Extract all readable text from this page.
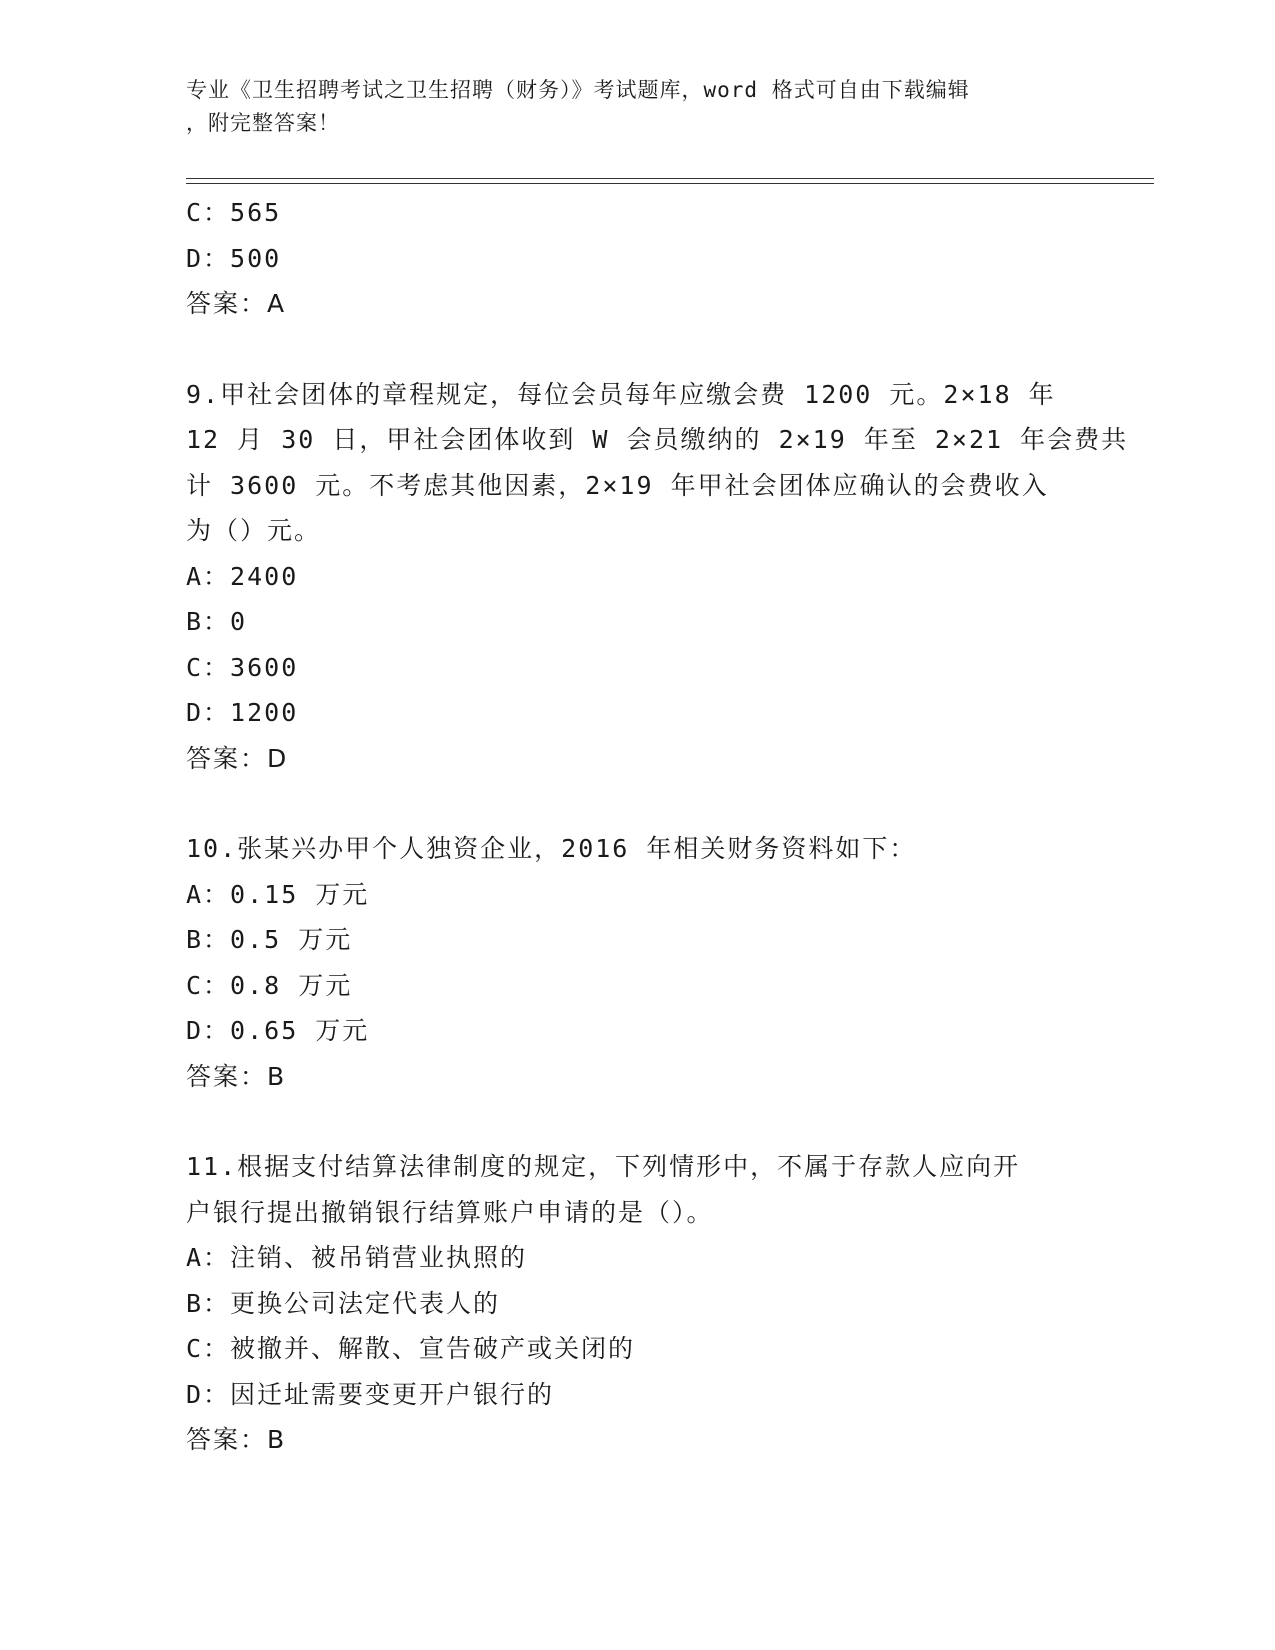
专业《卫生招聘考试之卫生招聘（财务）》考试题库，word 格式可自由下载编辑
，附完整答案！
C：565
D：500
答案：A
9.甲社会团体的章程规定，每位会员每年应缴会费 1200 元。2×18 年
12 月 30 日，甲社会团体收到 W 会员缴纳的 2×19 年至 2×21 年会费共
计 3600 元。不考虑其他因素，2×19 年甲社会团体应确认的会费收入
为（）元。
A：2400
B：0
C：3600
D：1200
答案：D
10.张某兴办甲个人独资企业，2016 年相关财务资料如下：
A：0.15 万元
B：0.5 万元
C：0.8 万元
D：0.65 万元
答案：B
11.根据支付结算法律制度的规定，下列情形中，不属于存款人应向开
户银行提出撤销银行结算账户申请的是（）。
A：注销、被吊销营业执照的
B：更换公司法定代表人的
C：被撤并、解散、宣告破产或关闭的
D：因迁址需要变更开户银行的
答案：B
